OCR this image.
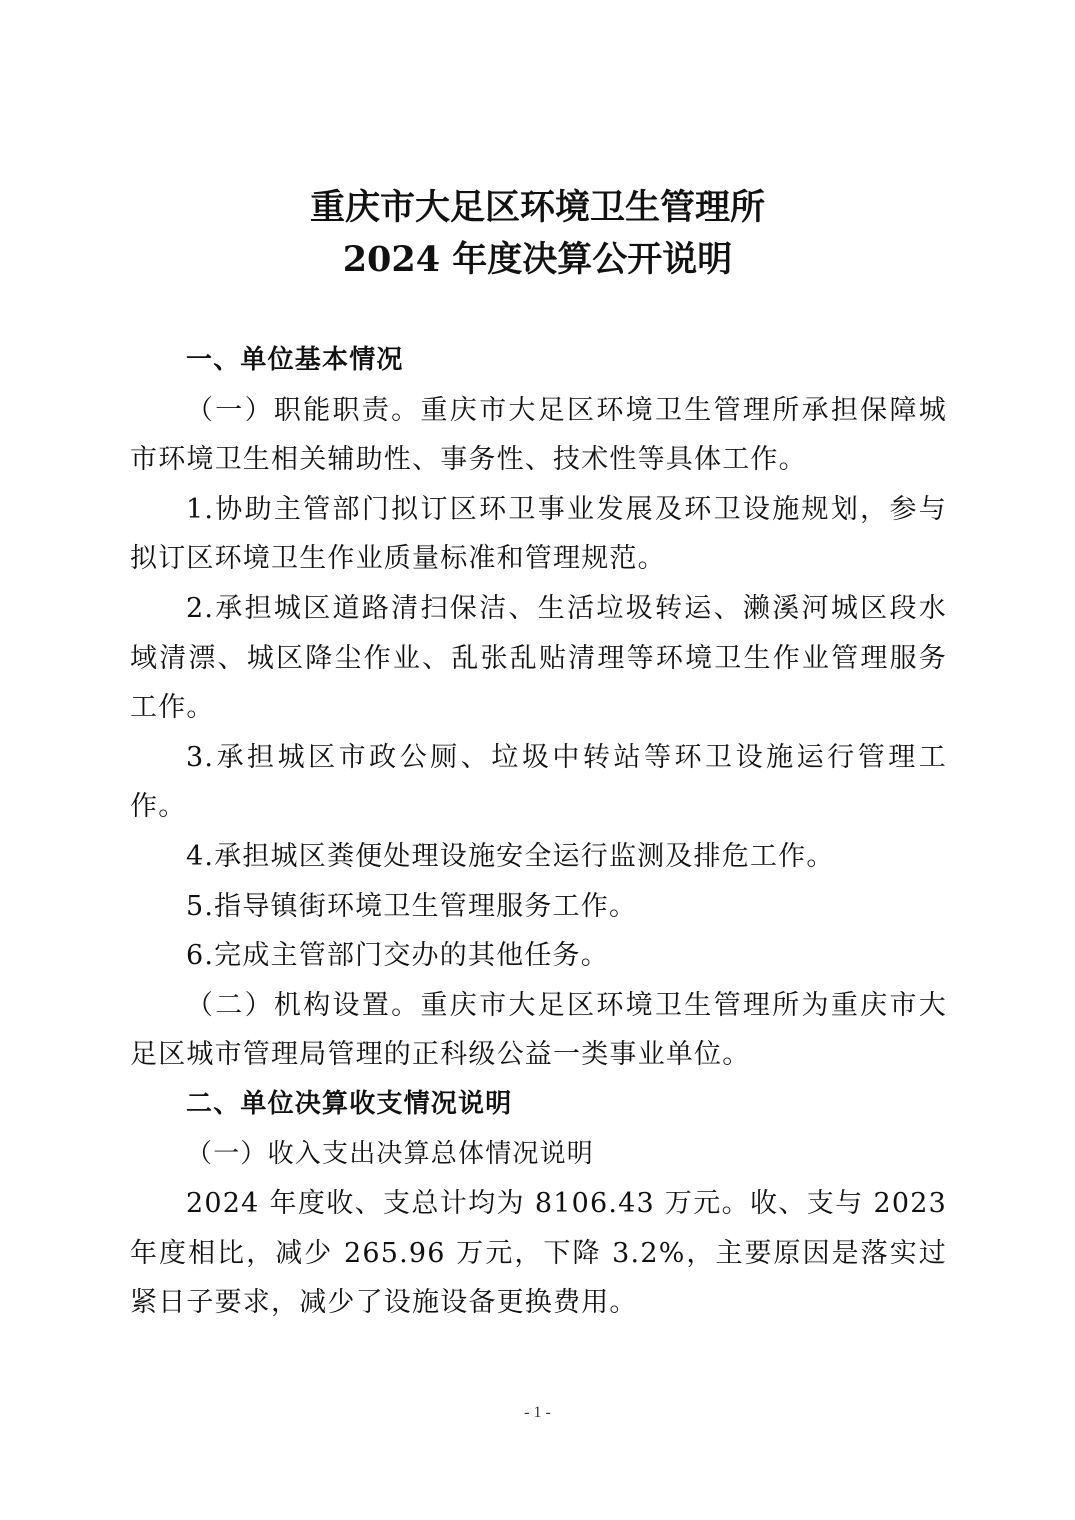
重庆市大足区环境卫生管理所
2024 年度决算公开说明

一、单位基本情况

（一）职能职责。重庆市大足区环境卫生管理所承担保障城市环境卫生相关辅助性、事务性、技术性等具体工作。

1.协助主管部门拟订区环卫事业发展及环卫设施规划，参与拟订区环境卫生作业质量标准和管理规范。

2.承担城区道路清扫保洁、生活垃圾转运、濑溪河城区段水域清漂、城区降尘作业、乱张乱贴清理等环境卫生作业管理服务工作。

3.承担城区市政公厕、垃圾中转站等环卫设施运行管理工作。

4.承担城区粪便处理设施安全运行监测及排危工作。

5.指导镇街环境卫生管理服务工作。

6.完成主管部门交办的其他任务。

（二）机构设置。重庆市大足区环境卫生管理所为重庆市大足区城市管理局管理的正科级公益一类事业单位。

二、单位决算收支情况说明

（一）收入支出决算总体情况说明

2024 年度收、支总计均为 8106.43 万元。收、支与 2023 年度相比，减少 265.96 万元，下降 3.2%，主要原因是落实过紧日子要求，减少了设施设备更换费用。

- 1 -
